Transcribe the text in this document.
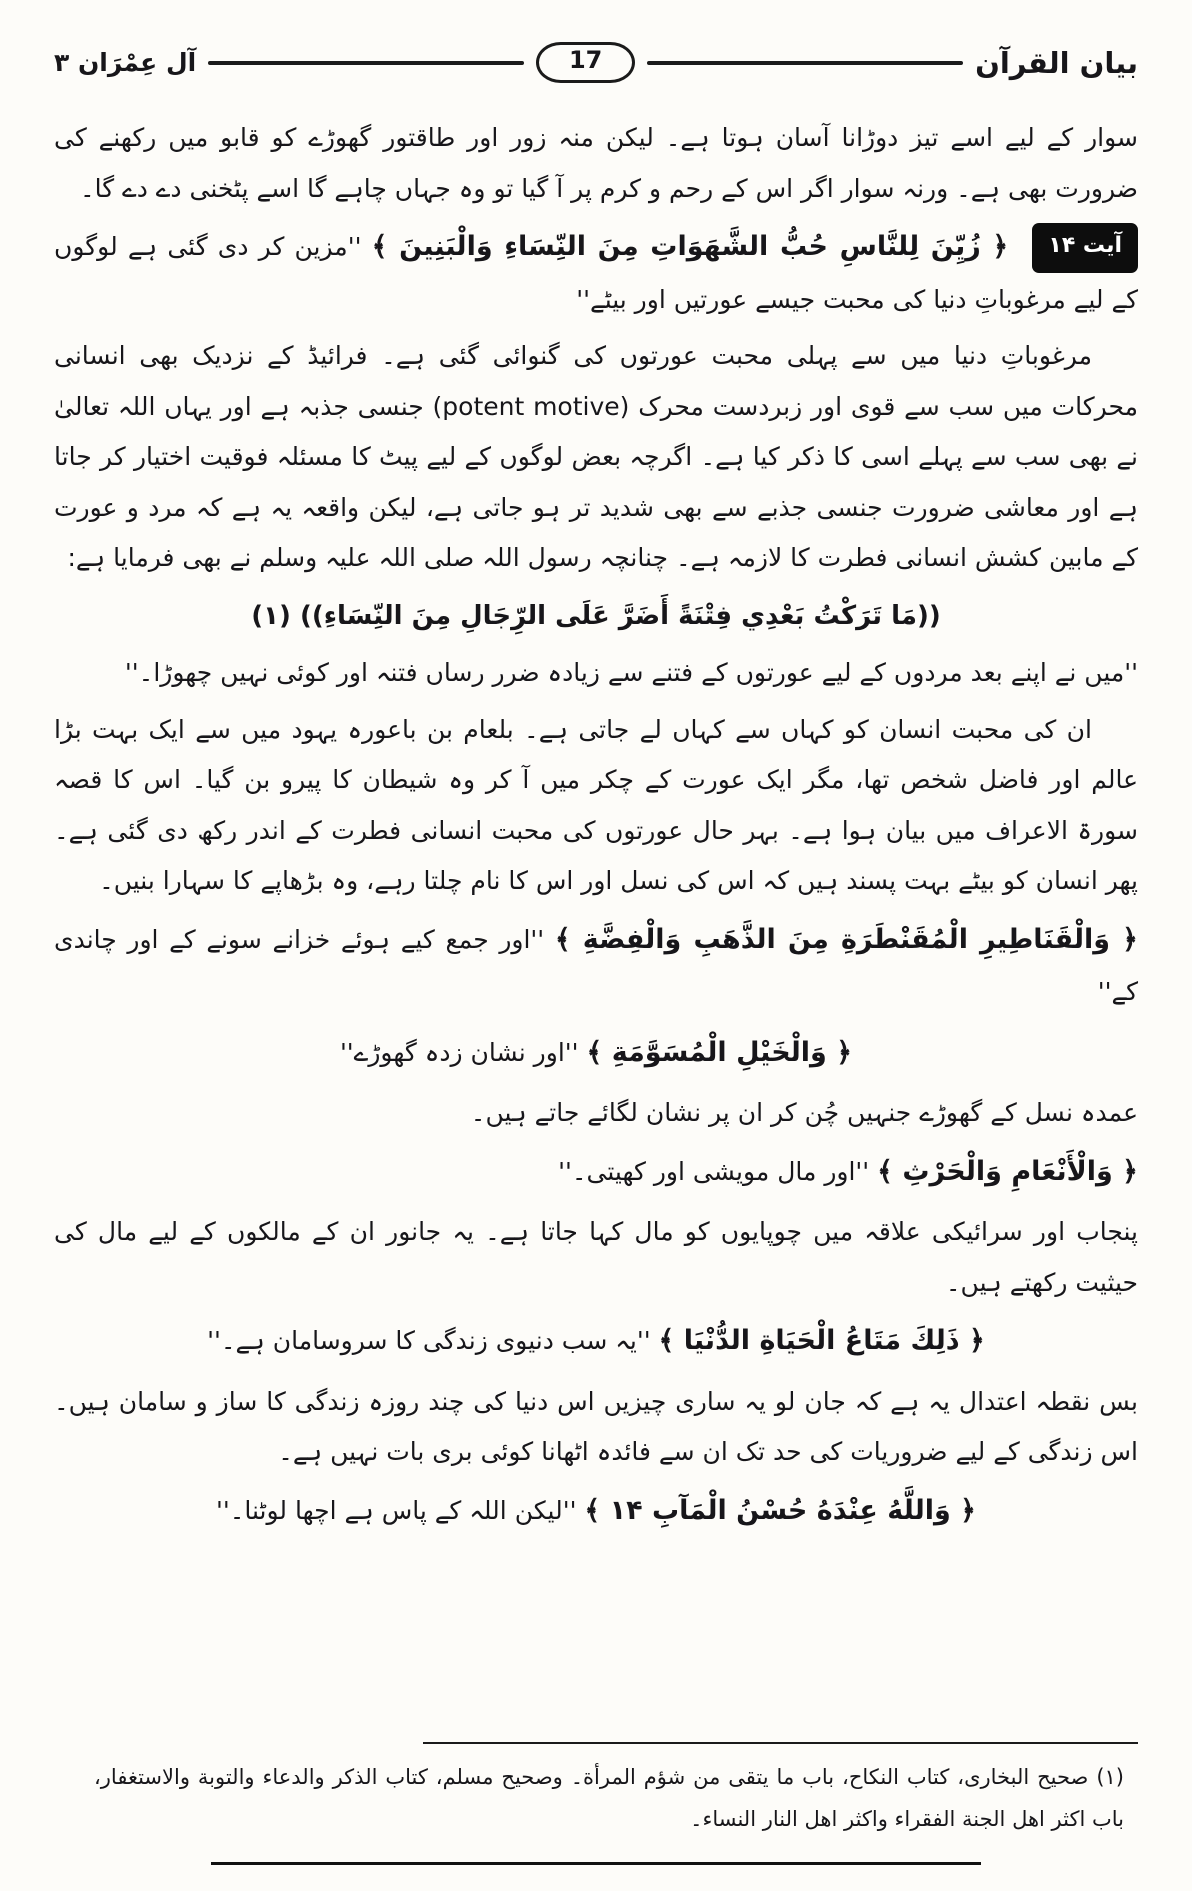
بیان القرآن
17
آل عِمْرَان ۳

سوار کے لیے اسے تیز دوڑانا آسان ہوتا ہے۔ لیکن منہ زور اور طاقتور گھوڑے کو قابو میں رکھنے کی ضرورت بھی ہے۔ ورنہ سوار اگر اس کے رحم و کرم پر آ گیا تو وہ جہاں چاہے گا اسے پٹخنی دے دے گا۔

آیت ۱۴ ﴿ زُيِّنَ لِلنَّاسِ حُبُّ الشَّهَوَاتِ مِنَ النِّسَاءِ وَالْبَنِينَ ﴾ ''مزین کر دی گئی ہے لوگوں کے لیے مرغوباتِ دنیا کی محبت جیسے عورتیں اور بیٹے''

مرغوباتِ دنیا میں سے پہلی محبت عورتوں کی گنوائی گئی ہے۔ فرائیڈ کے نزدیک بھی انسانی محرکات میں سب سے قوی اور زبردست محرک (potent motive) جنسی جذبہ ہے اور یہاں اللہ تعالیٰ نے بھی سب سے پہلے اسی کا ذکر کیا ہے۔ اگرچہ بعض لوگوں کے لیے پیٹ کا مسئلہ فوقیت اختیار کر جاتا ہے اور معاشی ضرورت جنسی جذبے سے بھی شدید تر ہو جاتی ہے، لیکن واقعہ یہ ہے کہ مرد و عورت کے مابین کشش انسانی فطرت کا لازمہ ہے۔ چنانچہ رسول اللہ صلی اللہ علیہ وسلم نے بھی فرمایا ہے:

((مَا تَرَكْتُ بَعْدِي فِتْنَةً أَضَرَّ عَلَى الرِّجَالِ مِنَ النِّسَاءِ)) (۱)

''میں نے اپنے بعد مردوں کے لیے عورتوں کے فتنے سے زیادہ ضرر رساں فتنہ اور کوئی نہیں چھوڑا۔''

ان کی محبت انسان کو کہاں سے کہاں لے جاتی ہے۔ بلعام بن باعورہ یہود میں سے ایک بہت بڑا عالم اور فاضل شخص تھا، مگر ایک عورت کے چکر میں آ کر وہ شیطان کا پیرو بن گیا۔ اس کا قصہ سورۃ الاعراف میں بیان ہوا ہے۔ بہر حال عورتوں کی محبت انسانی فطرت کے اندر رکھ دی گئی ہے۔ پھر انسان کو بیٹے بہت پسند ہیں کہ اس کی نسل اور اس کا نام چلتا رہے، وہ بڑھاپے کا سہارا بنیں۔

﴿ وَالْقَنَاطِيرِ الْمُقَنْطَرَةِ مِنَ الذَّهَبِ وَالْفِضَّةِ ﴾ ''اور جمع کیے ہوئے خزانے سونے کے اور چاندی کے''

﴿ وَالْخَيْلِ الْمُسَوَّمَةِ ﴾ ''اور نشان زدہ گھوڑے''

عمدہ نسل کے گھوڑے جنہیں چُن کر ان پر نشان لگائے جاتے ہیں۔

﴿ وَالْأَنْعَامِ وَالْحَرْثِ ﴾ ''اور مال مویشی اور کھیتی۔''

پنجاب اور سرائیکی علاقہ میں چوپایوں کو مال کہا جاتا ہے۔ یہ جانور ان کے مالکوں کے لیے مال کی حیثیت رکھتے ہیں۔

﴿ ذَلِكَ مَتَاعُ الْحَيَاةِ الدُّنْيَا ﴾ ''یہ سب دنیوی زندگی کا سروسامان ہے۔''

بس نقطہ اعتدال یہ ہے کہ جان لو یہ ساری چیزیں اس دنیا کی چند روزہ زندگی کا ساز و سامان ہیں۔ اس زندگی کے لیے ضروریات کی حد تک ان سے فائدہ اٹھانا کوئی بری بات نہیں ہے۔

﴿ وَاللَّهُ عِنْدَهُ حُسْنُ الْمَآبِ ۱۴ ﴾ ''لیکن اللہ کے پاس ہے اچھا لوٹنا۔''

(۱) صحیح البخاری، کتاب النکاح، باب ما یتقی من شؤم المرأة۔ وصحیح مسلم، کتاب الذکر والدعاء والتوبة والاستغفار، باب اکثر اهل الجنة الفقراء واکثر اهل النار النساء۔
